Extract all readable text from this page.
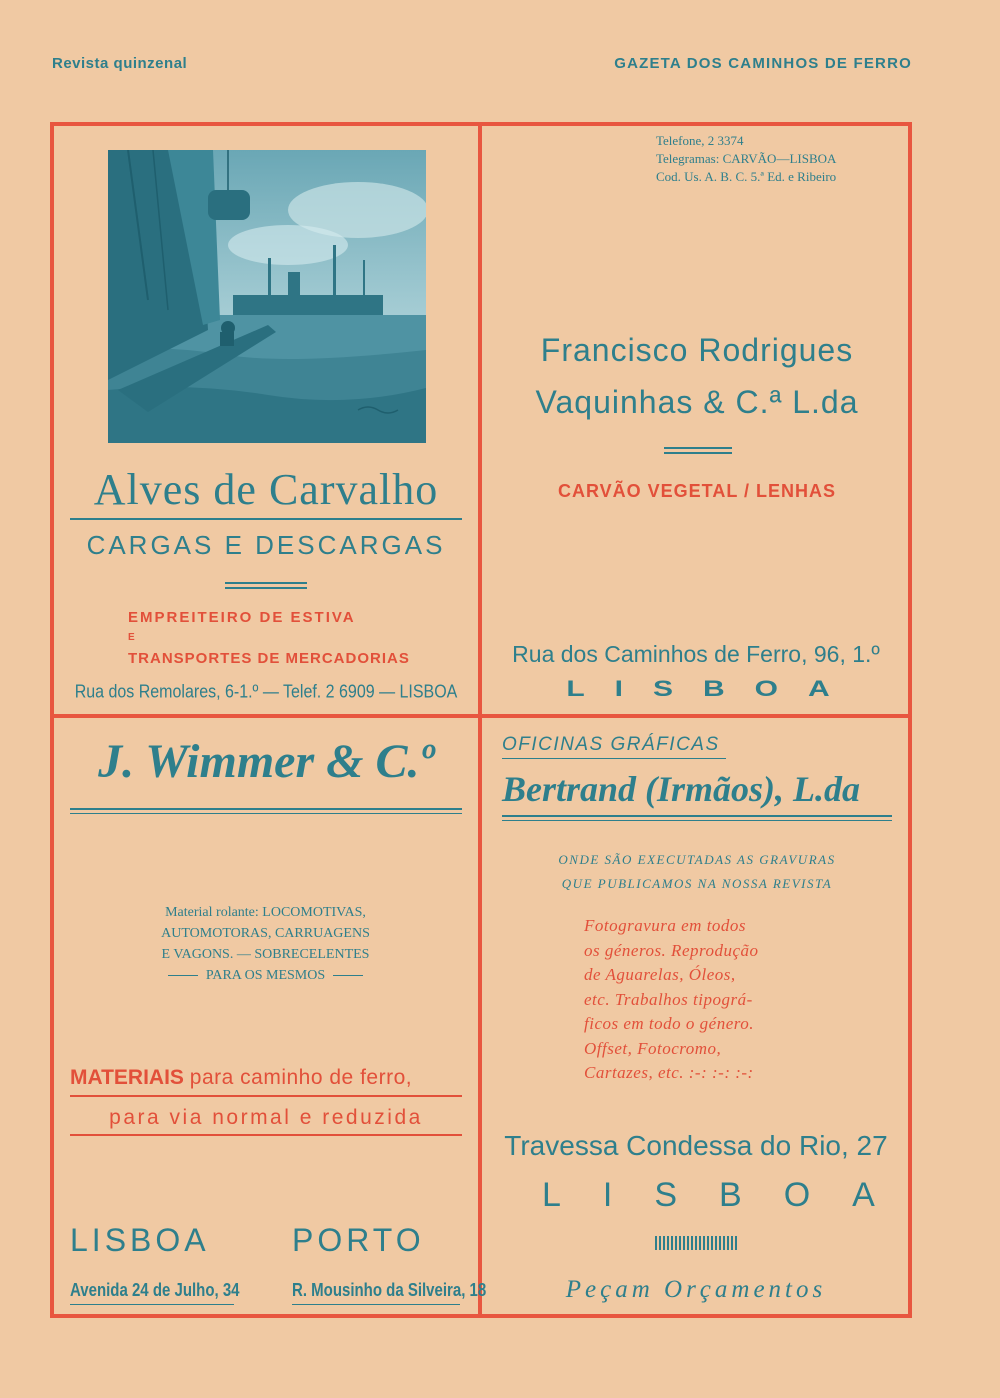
Revista quinzenal	GAZETA DOS CAMINHOS DE FERRO
Alves de Carvalho
CARGAS E DESCARGAS
EMPREITEIRO DE ESTIVA
E
TRANSPORTES DE MERCADORIAS
Rua dos Remolares, 6-1.º — Telef. 2 6909 — LISBOA
Telefone, 2 3374
Telegramas: CARVÃO—LISBOA
Cod. Us. A. B. C. 5.ª Ed. e Ribeiro
Francisco Rodrigues
Vaquinhas & C.ª L.da
CARVÃO VEGETAL / LENHAS
Rua dos Caminhos de Ferro, 96, 1.º
LISBOA
J. Wimmer & C.º
Material rolante: LOCOMOTIVAS,
AUTOMOTORAS, CARRUAGENS
E VAGONS. — SOBRECELENTES
PARA OS MESMOS
MATERIAIS para caminho de ferro,
para via normal e reduzida
LISBOA	PORTO
Avenida 24 de Julho, 34	R. Mousinho da Silveira, 18
OFICINAS GRÁFICAS
Bertrand (Irmãos), L.da
ONDE SÃO EXECUTADAS AS GRAVURAS
QUE PUBLICAMOS NA NOSSA REVISTA
Fotogravura em todos
os géneros. Reprodução
de Aguarelas, Óleos,
etc. Trabalhos tipográ-
ficos em todo o género.
Offset, Fotocromo,
Cartazes, etc. :-: :-: :-:
Travessa Condessa do Rio, 27
LISBOA
Peçam Orçamentos
